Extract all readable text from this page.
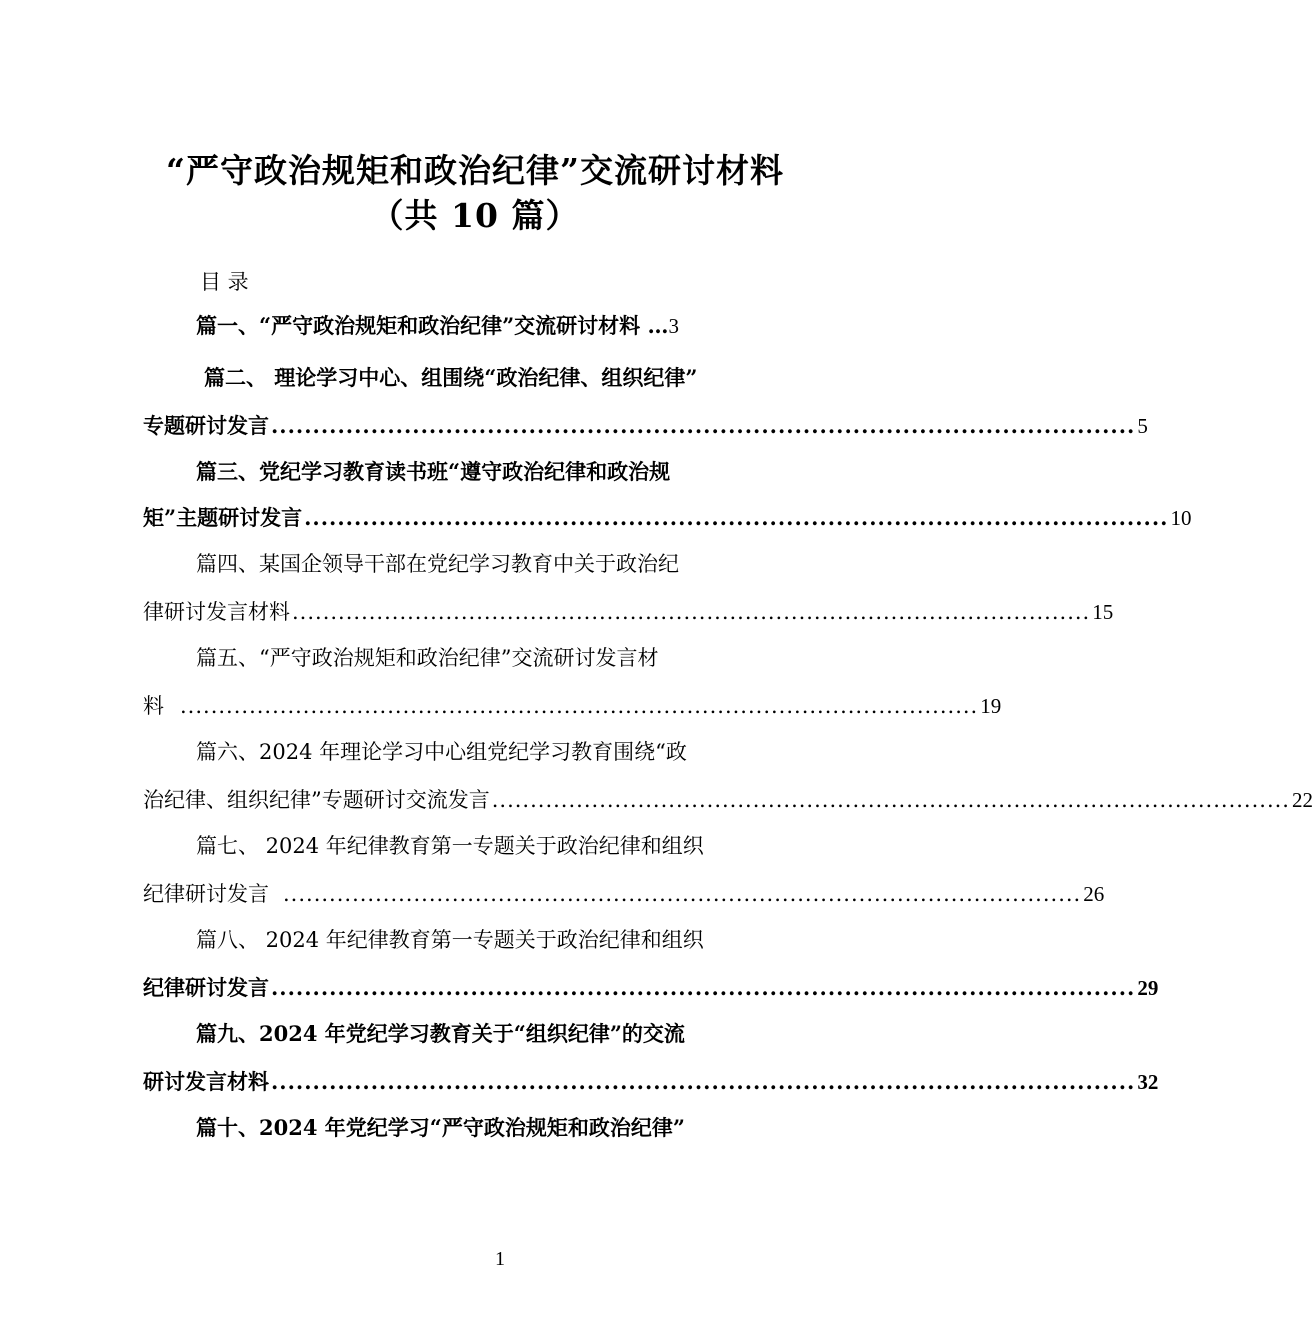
“严守政治规矩和政治纪律”交流研讨材料
（共 10 篇）
目 录
篇一、“严守政治规矩和政治纪律”交流研讨材料 …3
篇二、 理论学习中心、组围绕“政治纪律、组织纪律”
专题研讨发言 ........................................................................................................ 5
篇三、党纪学习教育读书班“遵守政治纪律和政治规
矩”主题研讨发言 ........................................................................................................ 10
篇四、某国企领导干部在党纪学习教育中关于政治纪
律研讨发言材料 ........................................................................................................ 15
篇五、“严守政治规矩和政治纪律”交流研讨发言材
料 ........................................................................................................ 19
篇六、2024 年理论学习中心组党纪学习教育围绕“政
治纪律、组织纪律”专题研讨交流发言 ........................................................................................................ 22
篇七、 2024 年纪律教育第一专题关于政治纪律和组织
纪律研讨发言 ........................................................................................................ 26
篇八、 2024 年纪律教育第一专题关于政治纪律和组织
纪律研讨发言 ........................................................................................................ 29
篇九、2024 年党纪学习教育关于“组织纪律”的交流
研讨发言材料 ........................................................................................................ 32
篇十、2024 年党纪学习“严守政治规矩和政治纪律”
1
